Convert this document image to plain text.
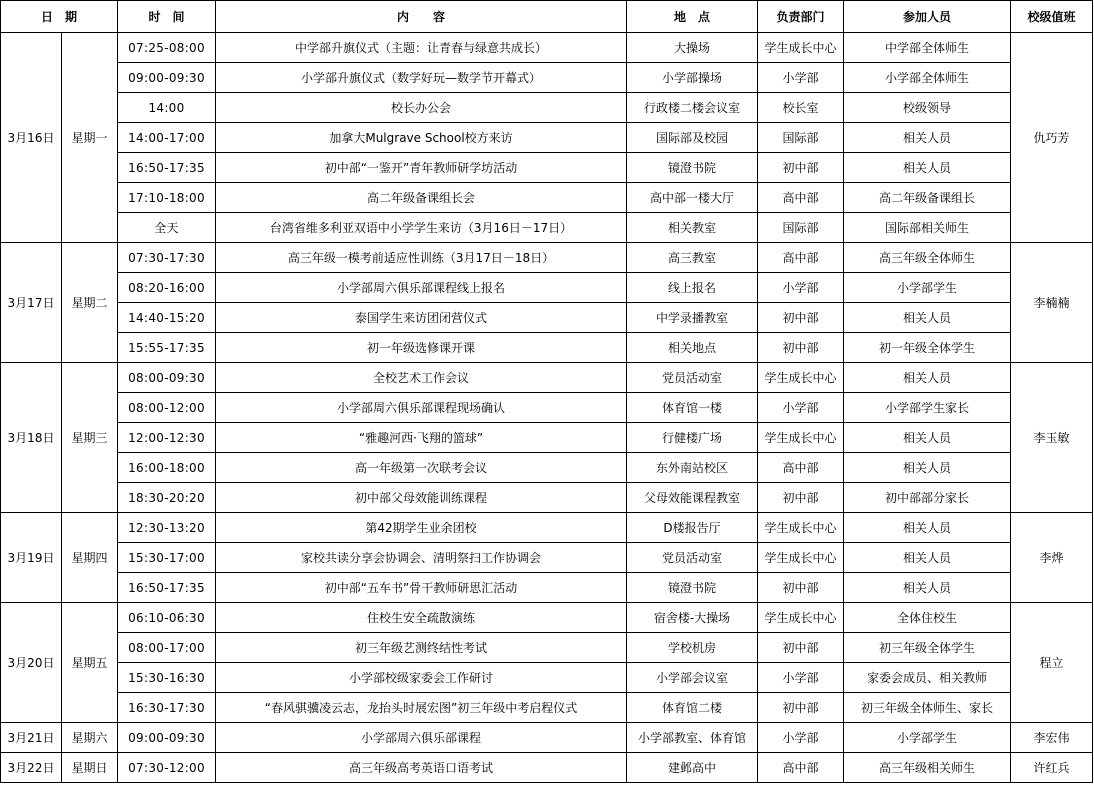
日　期		时　间	内　　容	地　点	负责部门	参加人员	校级值班
3月16日	星期一	07:25-08:00	中学部升旗仪式（主题：让青春与绿意共成长）	大操场	学生成长中心	中学部全体师生	仇巧芳
		09:00-09:30	小学部升旗仪式（数学好玩—数学节开幕式）	小学部操场	小学部	小学部全体师生	
		14:00	校长办公会	行政楼二楼会议室	校长室	校级领导	
		14:00-17:00	加拿大Mulgrave School校方来访	国际部及校园	国际部	相关人员	
		16:50-17:35	初中部“一鉴开”青年教师研学坊活动	镜澄书院	初中部	相关人员	
		17:10-18:00	高二年级备课组长会	高中部一楼大厅	高中部	高二年级备课组长	
		全天	台湾省维多利亚双语中小学学生来访（3月16日－17日）	相关教室	国际部	国际部相关师生	
3月17日	星期二	07:30-17:30	高三年级一模考前适应性训练（3月17日－18日）	高三教室	高中部	高三年级全体师生	李楠楠
		08:20-16:00	小学部周六俱乐部课程线上报名	线上报名	小学部	小学部学生	
		14:40-15:20	泰国学生来访团闭营仪式	中学录播教室	初中部	相关人员	
		15:55-17:35	初一年级选修课开课	相关地点	初中部	初一年级全体学生	
3月18日	星期三	08:00-09:30	全校艺术工作会议	党员活动室	学生成长中心	相关人员	李玉敏
		08:00-12:00	小学部周六俱乐部课程现场确认	体育馆一楼	小学部	小学部学生家长	
		12:00-12:30	“雅趣河西·飞翔的篮球”	行健楼广场	学生成长中心	相关人员	
		16:00-18:00	高一年级第一次联考会议	东外南站校区	高中部	相关人员	
		18:30-20:20	初中部父母效能训练课程	父母效能课程教室	初中部	初中部部分家长	
3月19日	星期四	12:30-13:20	第42期学生业余团校	D楼报告厅	学生成长中心	相关人员	李烨
		15:30-17:00	家校共读分享会协调会、清明祭扫工作协调会	党员活动室	学生成长中心	相关人员	
		16:50-17:35	初中部“五车书”骨干教师研思汇活动	镜澄书院	初中部	相关人员	
3月20日	星期五	06:10-06:30	住校生安全疏散演练	宿舍楼-大操场	学生成长中心	全体住校生	程立
		08:00-17:00	初三年级艺测终结性考试	学校机房	初中部	初三年级全体学生	
		15:30-16:30	小学部校级家委会工作研讨	小学部会议室	小学部	家委会成员、相关教师	
		16:30-17:30	“春风骐骥凌云志，龙抬头时展宏图”初三年级中考启程仪式	体育馆二楼	初中部	初三年级全体师生、家长	
3月21日	星期六	09:00-09:30	小学部周六俱乐部课程	小学部教室、体育馆	小学部	小学部学生	李宏伟
3月22日	星期日	07:30-12:00	高三年级高考英语口语考试	建邺高中	高中部	高三年级相关师生	许红兵
